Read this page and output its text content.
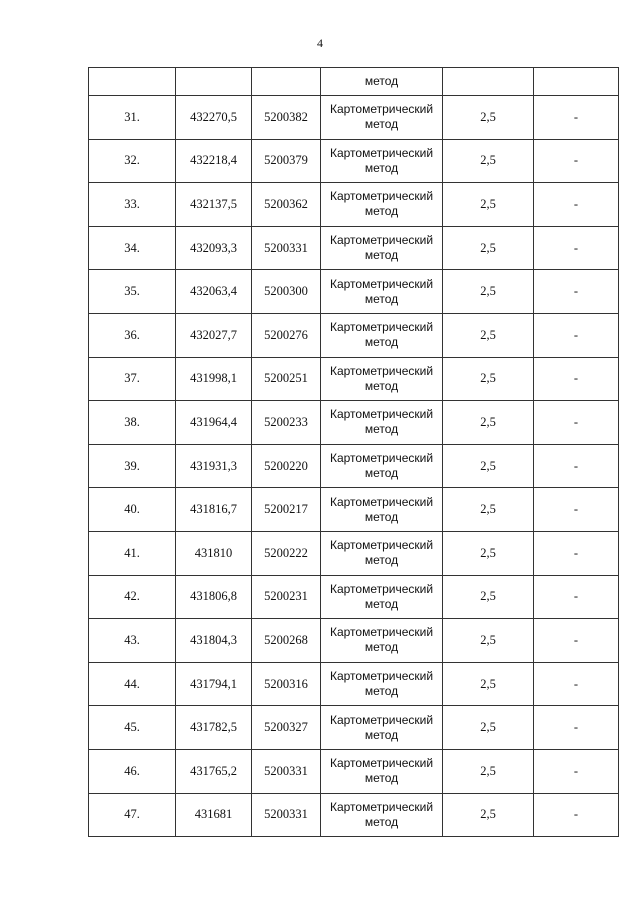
4
			метод		
31.	432270,5	5200382	Картометрический метод	2,5	-
32.	432218,4	5200379	Картометрический метод	2,5	-
33.	432137,5	5200362	Картометрический метод	2,5	-
34.	432093,3	5200331	Картометрический метод	2,5	-
35.	432063,4	5200300	Картометрический метод	2,5	-
36.	432027,7	5200276	Картометрический метод	2,5	-
37.	431998,1	5200251	Картометрический метод	2,5	-
38.	431964,4	5200233	Картометрический метод	2,5	-
39.	431931,3	5200220	Картометрический метод	2,5	-
40.	431816,7	5200217	Картометрический метод	2,5	-
41.	431810	5200222	Картометрический метод	2,5	-
42.	431806,8	5200231	Картометрический метод	2,5	-
43.	431804,3	5200268	Картометрический метод	2,5	-
44.	431794,1	5200316	Картометрический метод	2,5	-
45.	431782,5	5200327	Картометрический метод	2,5	-
46.	431765,2	5200331	Картометрический метод	2,5	-
47.	431681	5200331	Картометрический метод	2,5	-
